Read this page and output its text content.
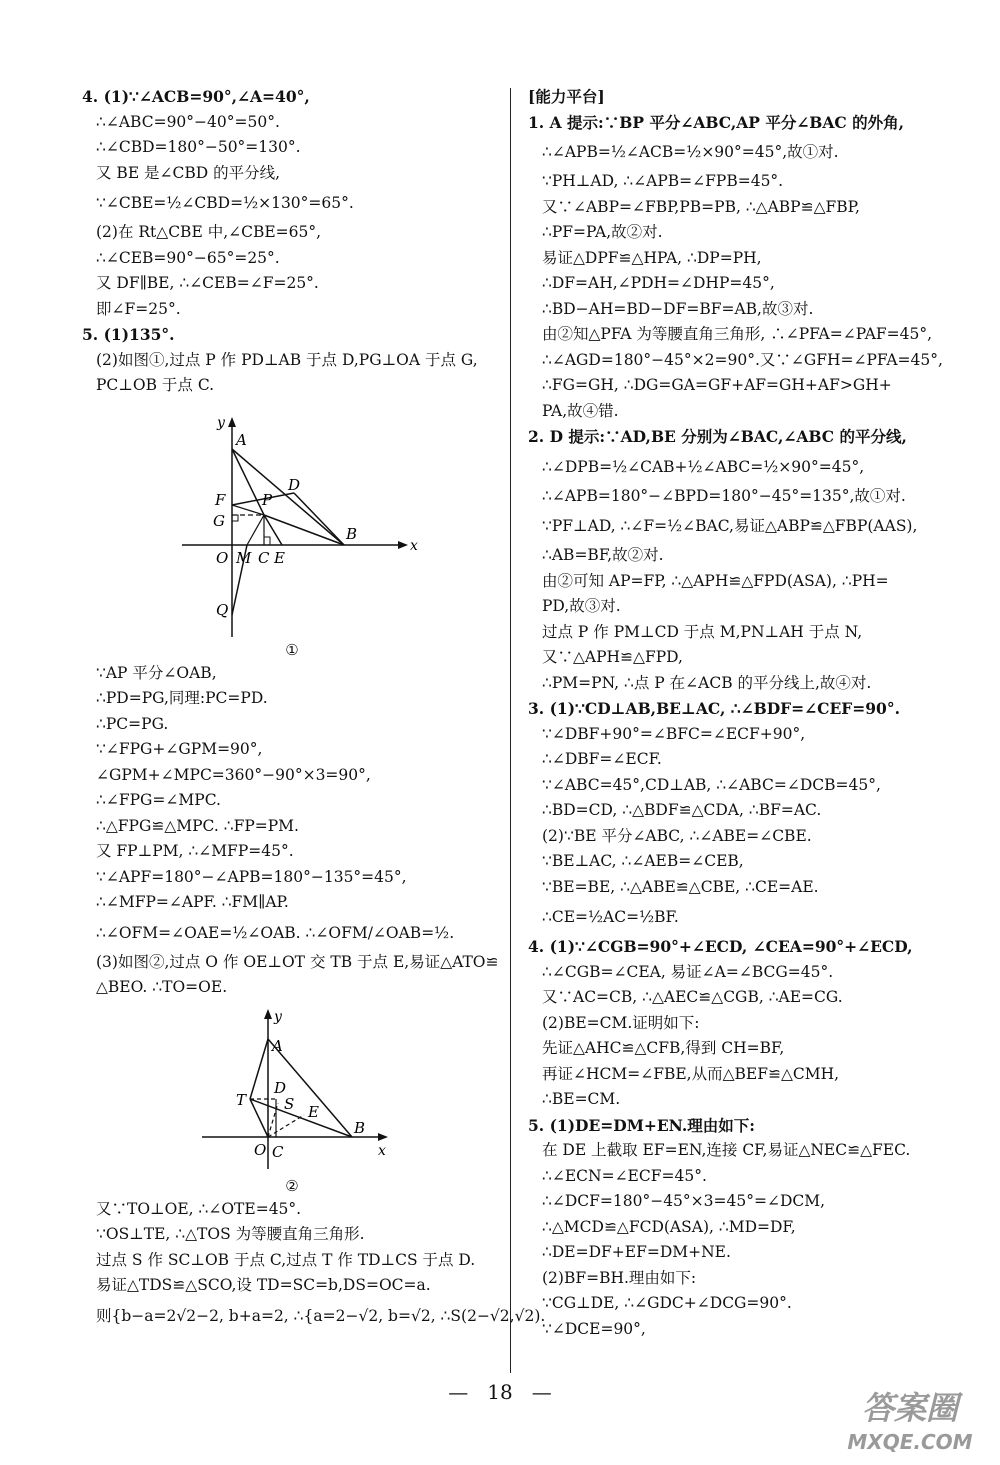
4. (1)∵∠ACB=90°,∠A=40°,
∴∠ABC=90°−40°=50°.
∴∠CBD=180°−50°=130°.
又 BE 是∠CBD 的平分线,
∵∠CBE=½∠CBD=½×130°=65°.
(2)在 Rt△CBE 中,∠CBE=65°,
∴∠CEB=90°−65°=25°.
又 DF∥BE, ∴∠CEB=∠F=25°.
即∠F=25°.
5. (1)135°.
(2)如图①,过点 P 作 PD⊥AB 于点 D,PG⊥OA 于点 G,
PC⊥OB 于点 C.
y
x
A
F
G
P
D
B
O M C E
Q
①
∵AP 平分∠OAB,
∴PD=PG,同理:PC=PD.
∴PC=PG.
∵∠FPG+∠GPM=90°,
∠GPM+∠MPC=360°−90°×3=90°,
∴∠FPG=∠MPC.
∴△FPG≌△MPC. ∴FP=PM.
又 FP⊥PM, ∴∠MFP=45°.
∵∠APF=180°−∠APB=180°−135°=45°,
∴∠MFP=∠APF. ∴FM∥AP.
∴∠OFM=∠OAE=½∠OAB. ∴∠OFM/∠OAB=½.
(3)如图②,过点 O 作 OE⊥OT 交 TB 于点 E,易证△ATO≌
△BEO. ∴TO=OE.
y
x
A
T
D
S E
B
O C
②
又∵TO⊥OE, ∴∠OTE=45°.
∵OS⊥TE, ∴△TOS 为等腰直角三角形.
过点 S 作 SC⊥OB 于点 C,过点 T 作 TD⊥CS 于点 D.
易证△TDS≌△SCO,设 TD=SC=b,DS=OC=a.
则{b−a=2√2−2, b+a=2, ∴{a=2−√2, b=√2, ∴S(2−√2,√2).
[能力平台]
1. A 提示:∵BP 平分∠ABC,AP 平分∠BAC 的外角,
∴∠APB=½∠ACB=½×90°=45°,故①对.
∵PH⊥AD, ∴∠APB=∠FPB=45°.
又∵∠ABP=∠FBP,PB=PB, ∴△ABP≌△FBP,
∴PF=PA,故②对.
易证△DPF≌△HPA, ∴DP=PH,
∴DF=AH,∠PDH=∠DHP=45°,
∴BD−AH=BD−DF=BF=AB,故③对.
由②知△PFA 为等腰直角三角形, ∴∠PFA=∠PAF=45°,
∴∠AGD=180°−45°×2=90°.又∵∠GFH=∠PFA=45°,
∴FG=GH, ∴DG=GA=GF+AF=GH+AF>GH+
PA,故④错.
2. D 提示:∵AD,BE 分别为∠BAC,∠ABC 的平分线,
∴∠DPB=½∠CAB+½∠ABC=½×90°=45°,
∴∠APB=180°−∠BPD=180°−45°=135°,故①对.
∵PF⊥AD, ∴∠F=½∠BAC,易证△ABP≌△FBP(AAS),
∴AB=BF,故②对.
由②可知 AP=FP, ∴△APH≌△FPD(ASA), ∴PH=
PD,故③对.
过点 P 作 PM⊥CD 于点 M,PN⊥AH 于点 N,
又∵△APH≌△FPD,
∴PM=PN, ∴点 P 在∠ACB 的平分线上,故④对.
3. (1)∵CD⊥AB,BE⊥AC, ∴∠BDF=∠CEF=90°.
∵∠DBF+90°=∠BFC=∠ECF+90°,
∴∠DBF=∠ECF.
∵∠ABC=45°,CD⊥AB, ∴∠ABC=∠DCB=45°,
∴BD=CD, ∴△BDF≌△CDA, ∴BF=AC.
(2)∵BE 平分∠ABC, ∴∠ABE=∠CBE.
∵BE⊥AC, ∴∠AEB=∠CEB,
∵BE=BE, ∴△ABE≌△CBE, ∴CE=AE.
∴CE=½AC=½BF.
4. (1)∵∠CGB=90°+∠ECD, ∠CEA=90°+∠ECD,
∴∠CGB=∠CEA, 易证∠A=∠BCG=45°.
又∵AC=CB, ∴△AEC≌△CGB, ∴AE=CG.
(2)BE=CM.证明如下:
先证△AHC≌△CFB,得到 CH=BF,
再证∠HCM=∠FBE,从而△BEF≌△CMH,
∴BE=CM.
5. (1)DE=DM+EN.理由如下:
在 DE 上截取 EF=EN,连接 CF,易证△NEC≌△FEC.
∴∠ECN=∠ECF=45°.
∴∠DCF=180°−45°×3=45°=∠DCM,
∴△MCD≌△FCD(ASA), ∴MD=DF,
∴DE=DF+EF=DM+NE.
(2)BF=BH.理由如下:
∵CG⊥DE, ∴∠GDC+∠DCG=90°.
∵∠DCE=90°,
— 18 —	答案圈
MXQE.COM
